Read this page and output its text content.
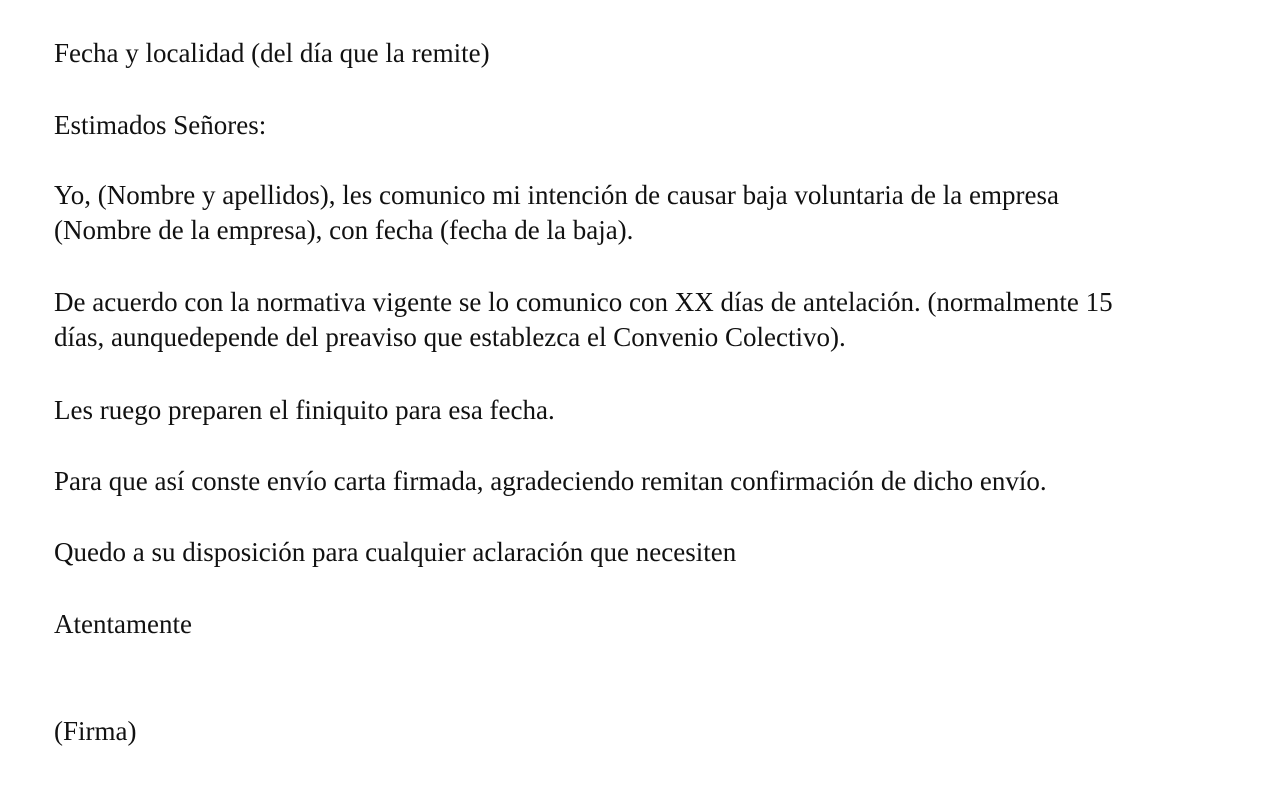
Fecha y localidad (del día que la remite)
Estimados Señores:
Yo, (Nombre y apellidos), les comunico mi intención de causar baja voluntaria de la empresa
(Nombre de la empresa), con fecha (fecha de la baja).
De acuerdo con la normativa vigente se lo comunico con XX días de antelación. (normalmente 15
días, aunquedepende del preaviso que establezca el Convenio Colectivo).
Les ruego preparen el finiquito para esa fecha.
Para que así conste envío carta firmada, agradeciendo remitan confirmación de dicho envío.
Quedo a su disposición para cualquier aclaración que necesiten
Atentamente
(Firma)
